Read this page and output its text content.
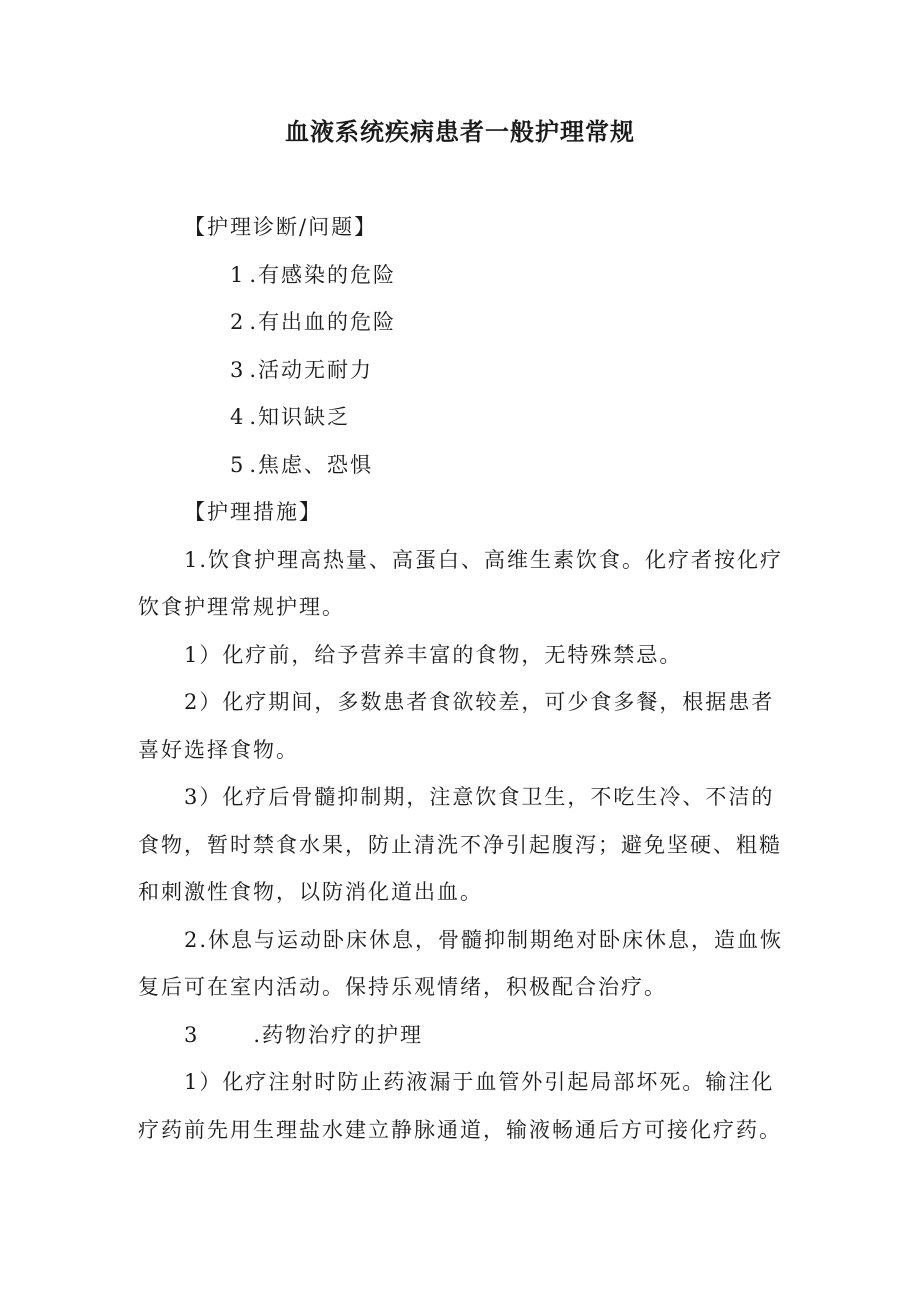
血液系统疾病患者一般护理常规

【护理诊断/问题】

1 .有感染的危险

2 .有出血的危险

3 .活动无耐力

4 .知识缺乏

5 .焦虑、恐惧

【护理措施】

1.饮食护理高热量、高蛋白、高维生素饮食。化疗者按化疗饮食护理常规护理。

1）化疗前，给予营养丰富的食物，无特殊禁忌。

2）化疗期间，多数患者食欲较差，可少食多餐，根据患者喜好选择食物。

3）化疗后骨髓抑制期，注意饮食卫生，不吃生冷、不洁的食物，暂时禁食水果，防止清洗不净引起腹泻；避免坚硬、粗糙和刺激性食物，以防消化道出血。

2.休息与运动卧床休息，骨髓抑制期绝对卧床休息，造血恢复后可在室内活动。保持乐观情绪，积极配合治疗。

3	.药物治疗的护理

1）化疗注射时防止药液漏于血管外引起局部坏死。输注化疗药前先用生理盐水建立静脉通道，输液畅通后方可接化疗药。
